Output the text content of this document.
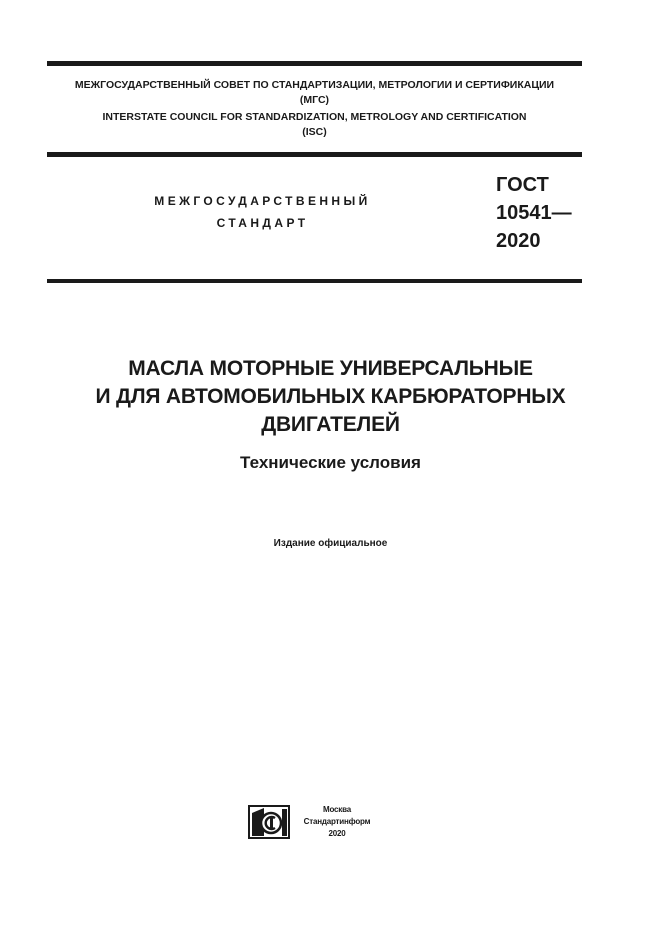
МЕЖГОСУДАРСТВЕННЫЙ СОВЕТ ПО СТАНДАРТИЗАЦИИ, МЕТРОЛОГИИ И СЕРТИФИКАЦИИ
(МГС)
INTERSTATE COUNCIL FOR STANDARDIZATION, METROLOGY AND CERTIFICATION
(ISC)
МЕЖГОСУДАРСТВЕННЫЙ
СТАНДАРТ
ГОСТ
10541—
2020
МАСЛА МОТОРНЫЕ УНИВЕРСАЛЬНЫЕ
И ДЛЯ АВТОМОБИЛЬНЫХ КАРБЮРАТОРНЫХ
ДВИГАТЕЛЕЙ
Технические условия
Издание официальное
Москва
Стандартинформ
2020
